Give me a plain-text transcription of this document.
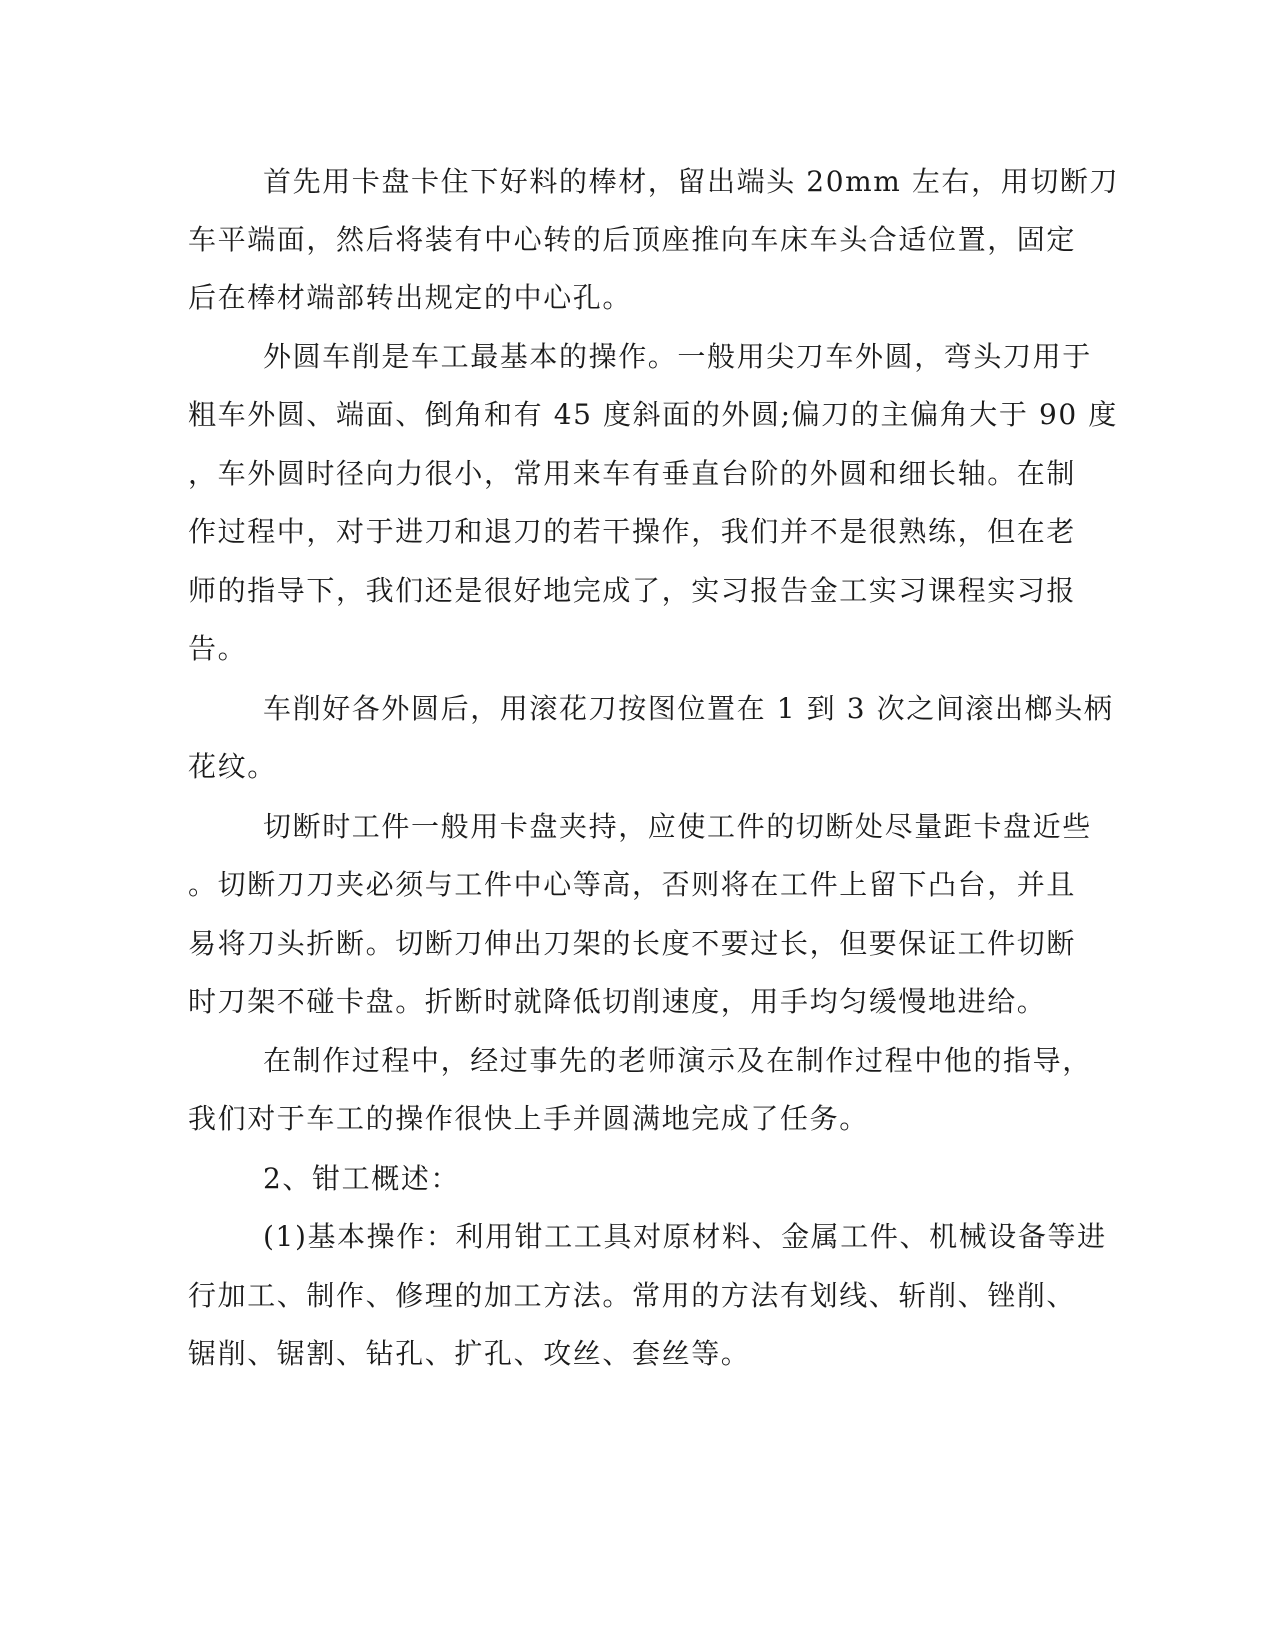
首先用卡盘卡住下好料的棒材，留出端头 20mm 左右，用切断刀
车平端面，然后将装有中心转的后顶座推向车床车头合适位置，固定
后在棒材端部转出规定的中心孔。
外圆车削是车工最基本的操作。一般用尖刀车外圆，弯头刀用于
粗车外圆、端面、倒角和有 45 度斜面的外圆;偏刀的主偏角大于 90 度
，车外圆时径向力很小，常用来车有垂直台阶的外圆和细长轴。在制
作过程中，对于进刀和退刀的若干操作，我们并不是很熟练，但在老
师的指导下，我们还是很好地完成了，实习报告金工实习课程实习报
告。
车削好各外圆后，用滚花刀按图位置在 1 到 3 次之间滚出榔头柄
花纹。
切断时工件一般用卡盘夹持，应使工件的切断处尽量距卡盘近些
。切断刀刀夹必须与工件中心等高，否则将在工件上留下凸台，并且
易将刀头折断。切断刀伸出刀架的长度不要过长，但要保证工件切断
时刀架不碰卡盘。折断时就降低切削速度，用手均匀缓慢地进给。
在制作过程中，经过事先的老师演示及在制作过程中他的指导，
我们对于车工的操作很快上手并圆满地完成了任务。
2、钳工概述：
(1)基本操作：利用钳工工具对原材料、金属工件、机械设备等进
行加工、制作、修理的加工方法。常用的方法有划线、斩削、锉削、
锯削、锯割、钻孔、扩孔、攻丝、套丝等。
